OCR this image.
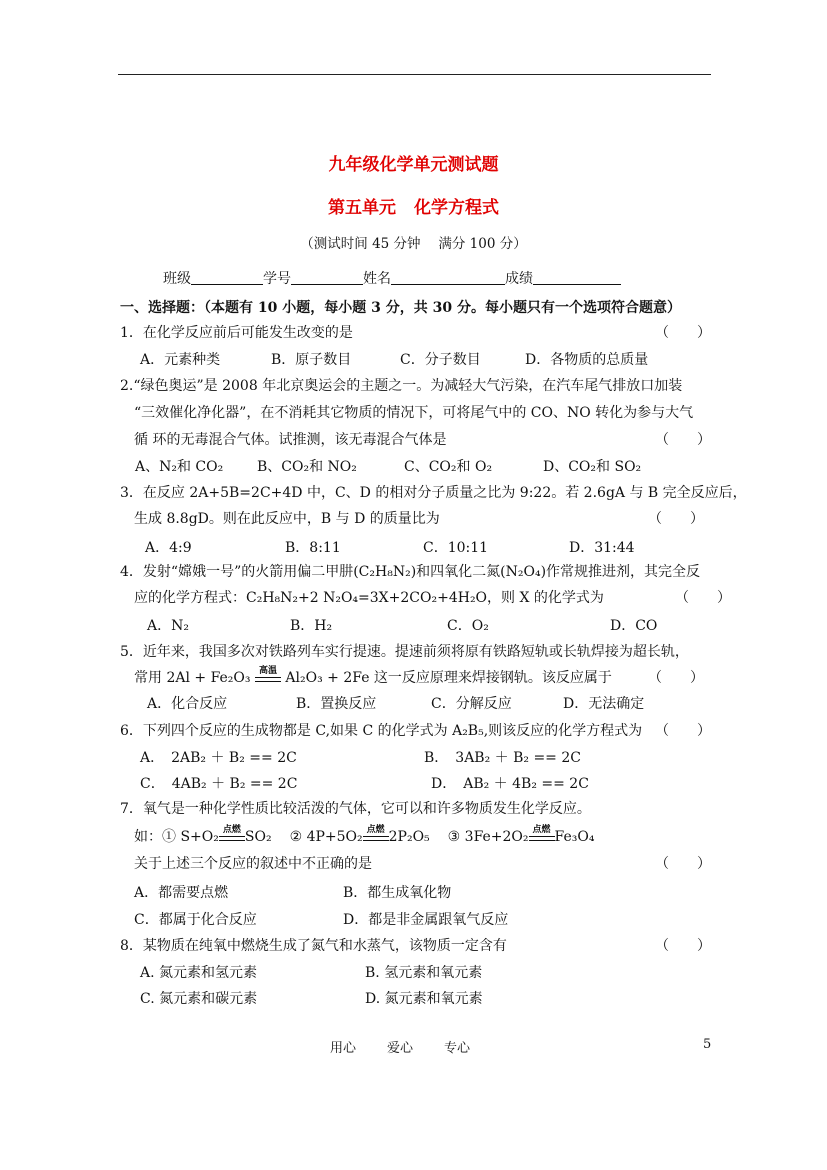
九年级化学单元测试题
第五单元 化学方程式
（测试时间 45 分钟　 满分 100 分）
班级	学号	姓名	成绩
一、选择题：（本题有 10 小题，每小题 3 分，共 30 分。每小题只有一个选项符合题意）
1．在化学反应前后可能发生改变的是	（　　）
A．元素种类	B．原子数目	C．分子数目	D．各物质的总质量
2.“绿色奥运”是 2008 年北京奥运会的主题之一。为减轻大气污染，在汽车尾气排放口加装
“三效催化净化器”，在不消耗其它物质的情况下，可将尾气中的 CO、NO 转化为参与大气
循 环的无毒混合气体。试推测，该无毒混合气体是	（　　）
A、N₂和 CO₂ B、CO₂和 NO₂	C、CO₂和 O₂	D、CO₂和 SO₂
3．在反应 2A+5B=2C+4D 中，C、D 的相对分子质量之比为 9:22。若 2.6gA 与 B 完全反应后，
生成 8.8gD。则在此反应中，B 与 D 的质量比为	（　　）
A．4:9	B．8:11	C．10:11	D．31:44
4．发射“嫦娥一号”的火箭用偏二甲肼(C₂H₈N₂)和四氧化二氮(N₂O₄)作常规推进剂，其完全反
应的化学方程式：C₂H₈N₂+2 N₂O₄=3X+2CO₂+4H₂O，则 X 的化学式为	（　　）
A．N₂	B．H₂	C．O₂	D．CO
5．近年来，我国多次对铁路列车实行提速。提速前须将原有铁路短轨或长轨焊接为超长轨，
常用 2Al + Fe₂O₃ 高温 Al₂O₃ + 2Fe 这一反应原理来焊接钢轨。该反应属于	（　　）
A．化合反应	B．置换反应	C．分解反应	D．无法确定
6．下列四个反应的生成物都是 C,如果 C 的化学式为 A₂B₅,则该反应的化学方程式为 （　　）
A．　2AB₂ ＋ B₂ == 2C	B．　3AB₂ ＋ B₂ == 2C
C．　4AB₂ ＋ B₂ == 2C	D．　AB₂ ＋ 4B₂ == 2C
7．氧气是一种化学性质比较活泼的气体，它可以和许多物质发生化学反应。
如：① S+O₂ 点燃 SO₂ ② 4P+5O₂ 点燃 2P₂O₅ ③ 3Fe+2O₂ 点燃 Fe₃O₄
关于上述三个反应的叙述中不正确的是	（　　）
A．都需要点燃	B．都生成氧化物
C．都属于化合反应	D．都是非金属跟氧气反应
8．某物质在纯氧中燃烧生成了氮气和水蒸气，该物质一定含有	（　　）
A. 氮元素和氢元素	B. 氢元素和氧元素
C. 氮元素和碳元素	D. 氮元素和氧元素
用心 爱心 专心	5
